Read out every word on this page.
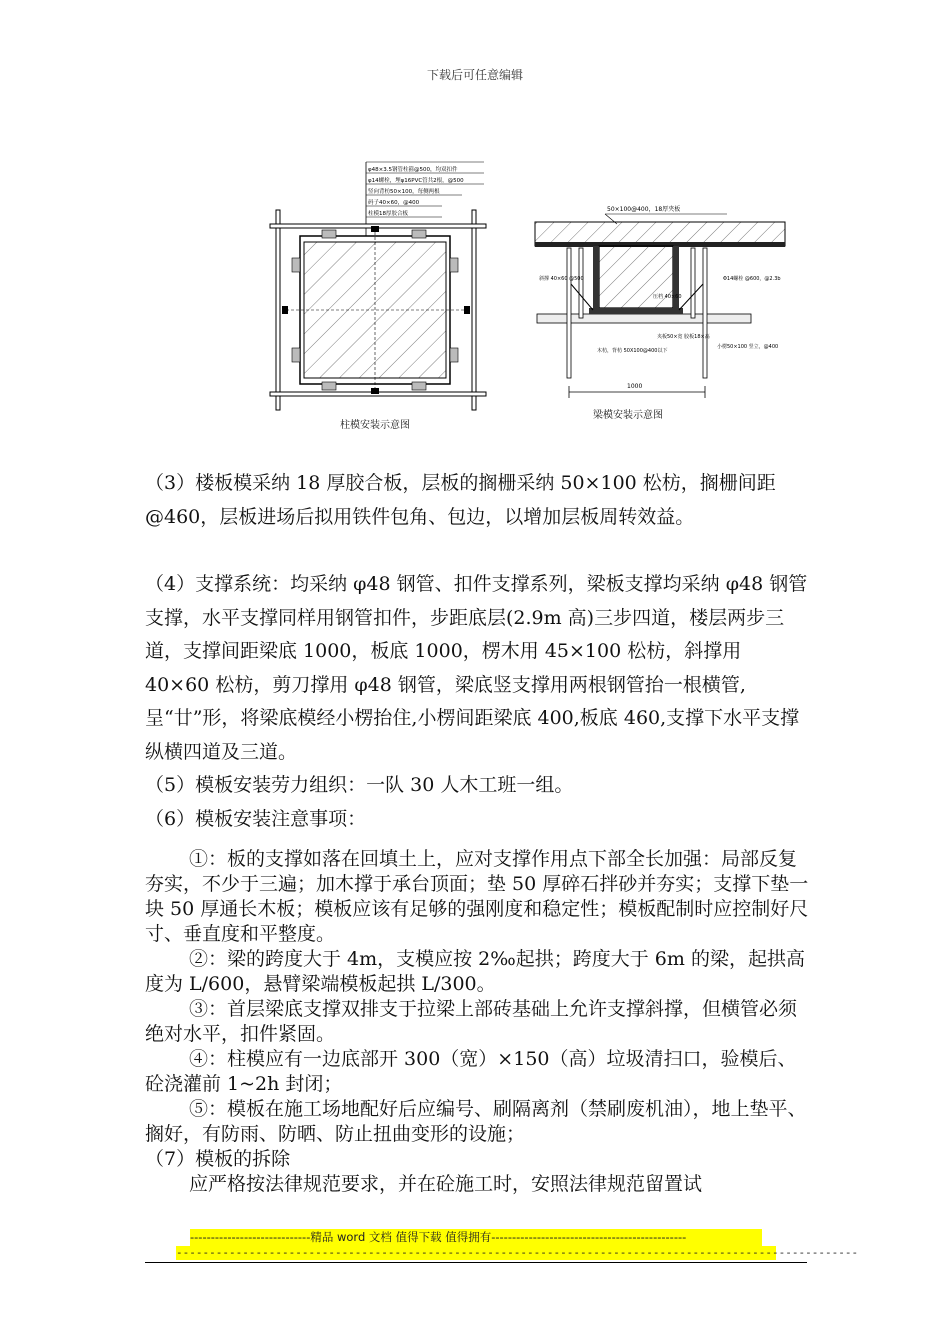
下载后可任意编辑
φ48×3.5钢管柱箍@500，均双扣件
φ14螺栓，埋φ16PVC管共2根，@500
竖向背枋50×100，每侧两根
码子40×60，@400
柱模18厚胶合板
柱模安装示意图
50×100@400，18厚夹板
斜撑 40×60 @500	Φ14螺栓 @600，@2.3b
压档 40×60
夹板50×宽 胶板18×高
小楞50×100 竖立，@400
木枋，背枋 50X100@400以下
1000
梁模安装示意图

（3）楼板模采纳 18 厚胶合板，层板的搁栅采纳 50×100 松枋，搁栅间距@460，层板进场后拟用铁件包角、包边，以增加层板周转效益。

（4）支撑系统：均采纳 φ48 钢管、扣件支撑系列，梁板支撑均采纳 φ48 钢管支撑，水平支撑同样用钢管扣件，步距底层(2.9m 高)三步四道，楼层两步三道，支撑间距梁底 1000，板底 1000，楞木用 45×100 松枋，斜撑用 40×60 松枋，剪刀撑用 φ48 钢管，梁底竖支撑用两根钢管抬一根横管,呈“廿”形，将梁底模经小楞抬住,小楞间距梁底 400,板底 460,支撑下水平支撑纵横四道及三道。

（5）模板安装劳力组织：一队 30 人木工班一组。

（6）模板安装注意事项：

①：板的支撑如落在回填土上，应对支撑作用点下部全长加强：局部反复夯实，不少于三遍；加木撑于承台顶面；垫 50 厚碎石拌砂并夯实；支撑下垫一块 50 厚通长木板；模板应该有足够的强刚度和稳定性；模板配制时应控制好尺寸、垂直度和平整度。

②：梁的跨度大于 4m，支模应按 2‰起拱；跨度大于 6m 的梁，起拱高度为 L/600，悬臂梁端模板起拱 L/300。

③：首层梁底支撑双排支于拉梁上部砖基础上允许支撑斜撑，但横管必须绝对水平，扣件紧固。

④：柱模应有一边底部开 300（宽）×150（高）垃圾清扫口，验模后、砼浇灌前 1~2h 封闭；

⑤：模板在施工场地配好后应编号、刷隔离剂（禁刷废机油），地上垫平、搁好，有防雨、防晒、防止扭曲变形的设施；

（7）模板的拆除

应严格按法律规范要求，并在砼施工时，安照法律规范留置试

-----------------------------精品 word 文档 值得下载 值得拥有-----------------------------------------------
-------------------------------------------------------------------------------------------------------
